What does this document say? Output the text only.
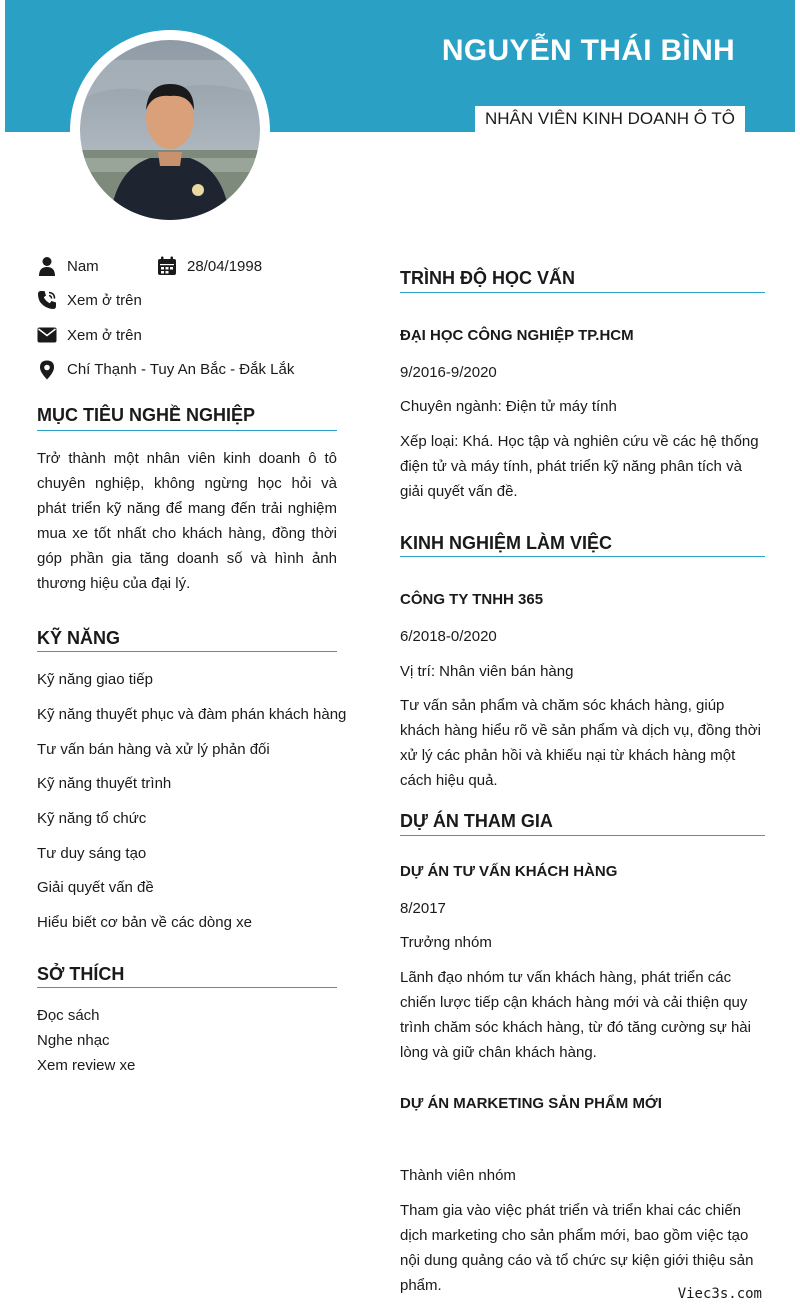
NGUYỄN THÁI BÌNH
NHÂN VIÊN KINH DOANH Ô TÔ
Nam	28/04/1998
Xem ở trên
Xem ở trên
Chí Thạnh - Tuy An Bắc - Đắk Lắk
MỤC TIÊU NGHỀ NGHIỆP
Trở thành một nhân viên kinh doanh ô tô chuyên nghiệp, không ngừng học hỏi và phát triển kỹ năng để mang đến trải nghiệm mua xe tốt nhất cho khách hàng, đồng thời góp phần gia tăng doanh số và hình ảnh thương hiệu của đại lý.
KỸ NĂNG
Kỹ năng giao tiếp
Kỹ năng thuyết phục và đàm phán khách hàng
Tư vấn bán hàng và xử lý phản đối
Kỹ năng thuyết trình
Kỹ năng tổ chức
Tư duy sáng tạo
Giải quyết vấn đề
Hiểu biết cơ bản về các dòng xe
SỞ THÍCH
Đọc sách
Nghe nhạc
Xem review xe
TRÌNH ĐỘ HỌC VẤN
ĐẠI HỌC CÔNG NGHIỆP TP.HCM
9/2016-9/2020
Chuyên ngành: Điện tử máy tính
Xếp loại: Khá. Học tập và nghiên cứu về các hệ thống điện tử và máy tính, phát triển kỹ năng phân tích và giải quyết vấn đề.
KINH NGHIỆM LÀM VIỆC
CÔNG TY TNHH 365
6/2018-0/2020
Vị trí: Nhân viên bán hàng
Tư vấn sản phẩm và chăm sóc khách hàng, giúp khách hàng hiểu rõ về sản phẩm và dịch vụ, đồng thời xử lý các phản hồi và khiếu nại từ khách hàng một cách hiệu quả.
DỰ ÁN THAM GIA
DỰ ÁN TƯ VẤN KHÁCH HÀNG
8/2017
Trưởng nhóm
Lãnh đạo nhóm tư vấn khách hàng, phát triển các chiến lược tiếp cận khách hàng mới và cải thiện quy trình chăm sóc khách hàng, từ đó tăng cường sự hài lòng và giữ chân khách hàng.
DỰ ÁN MARKETING SẢN PHẨM MỚI
Thành viên nhóm
Tham gia vào việc phát triển và triển khai các chiến dịch marketing cho sản phẩm mới, bao gồm việc tạo nội dung quảng cáo và tổ chức sự kiện giới thiệu sản phẩm.	Viec3s.com
